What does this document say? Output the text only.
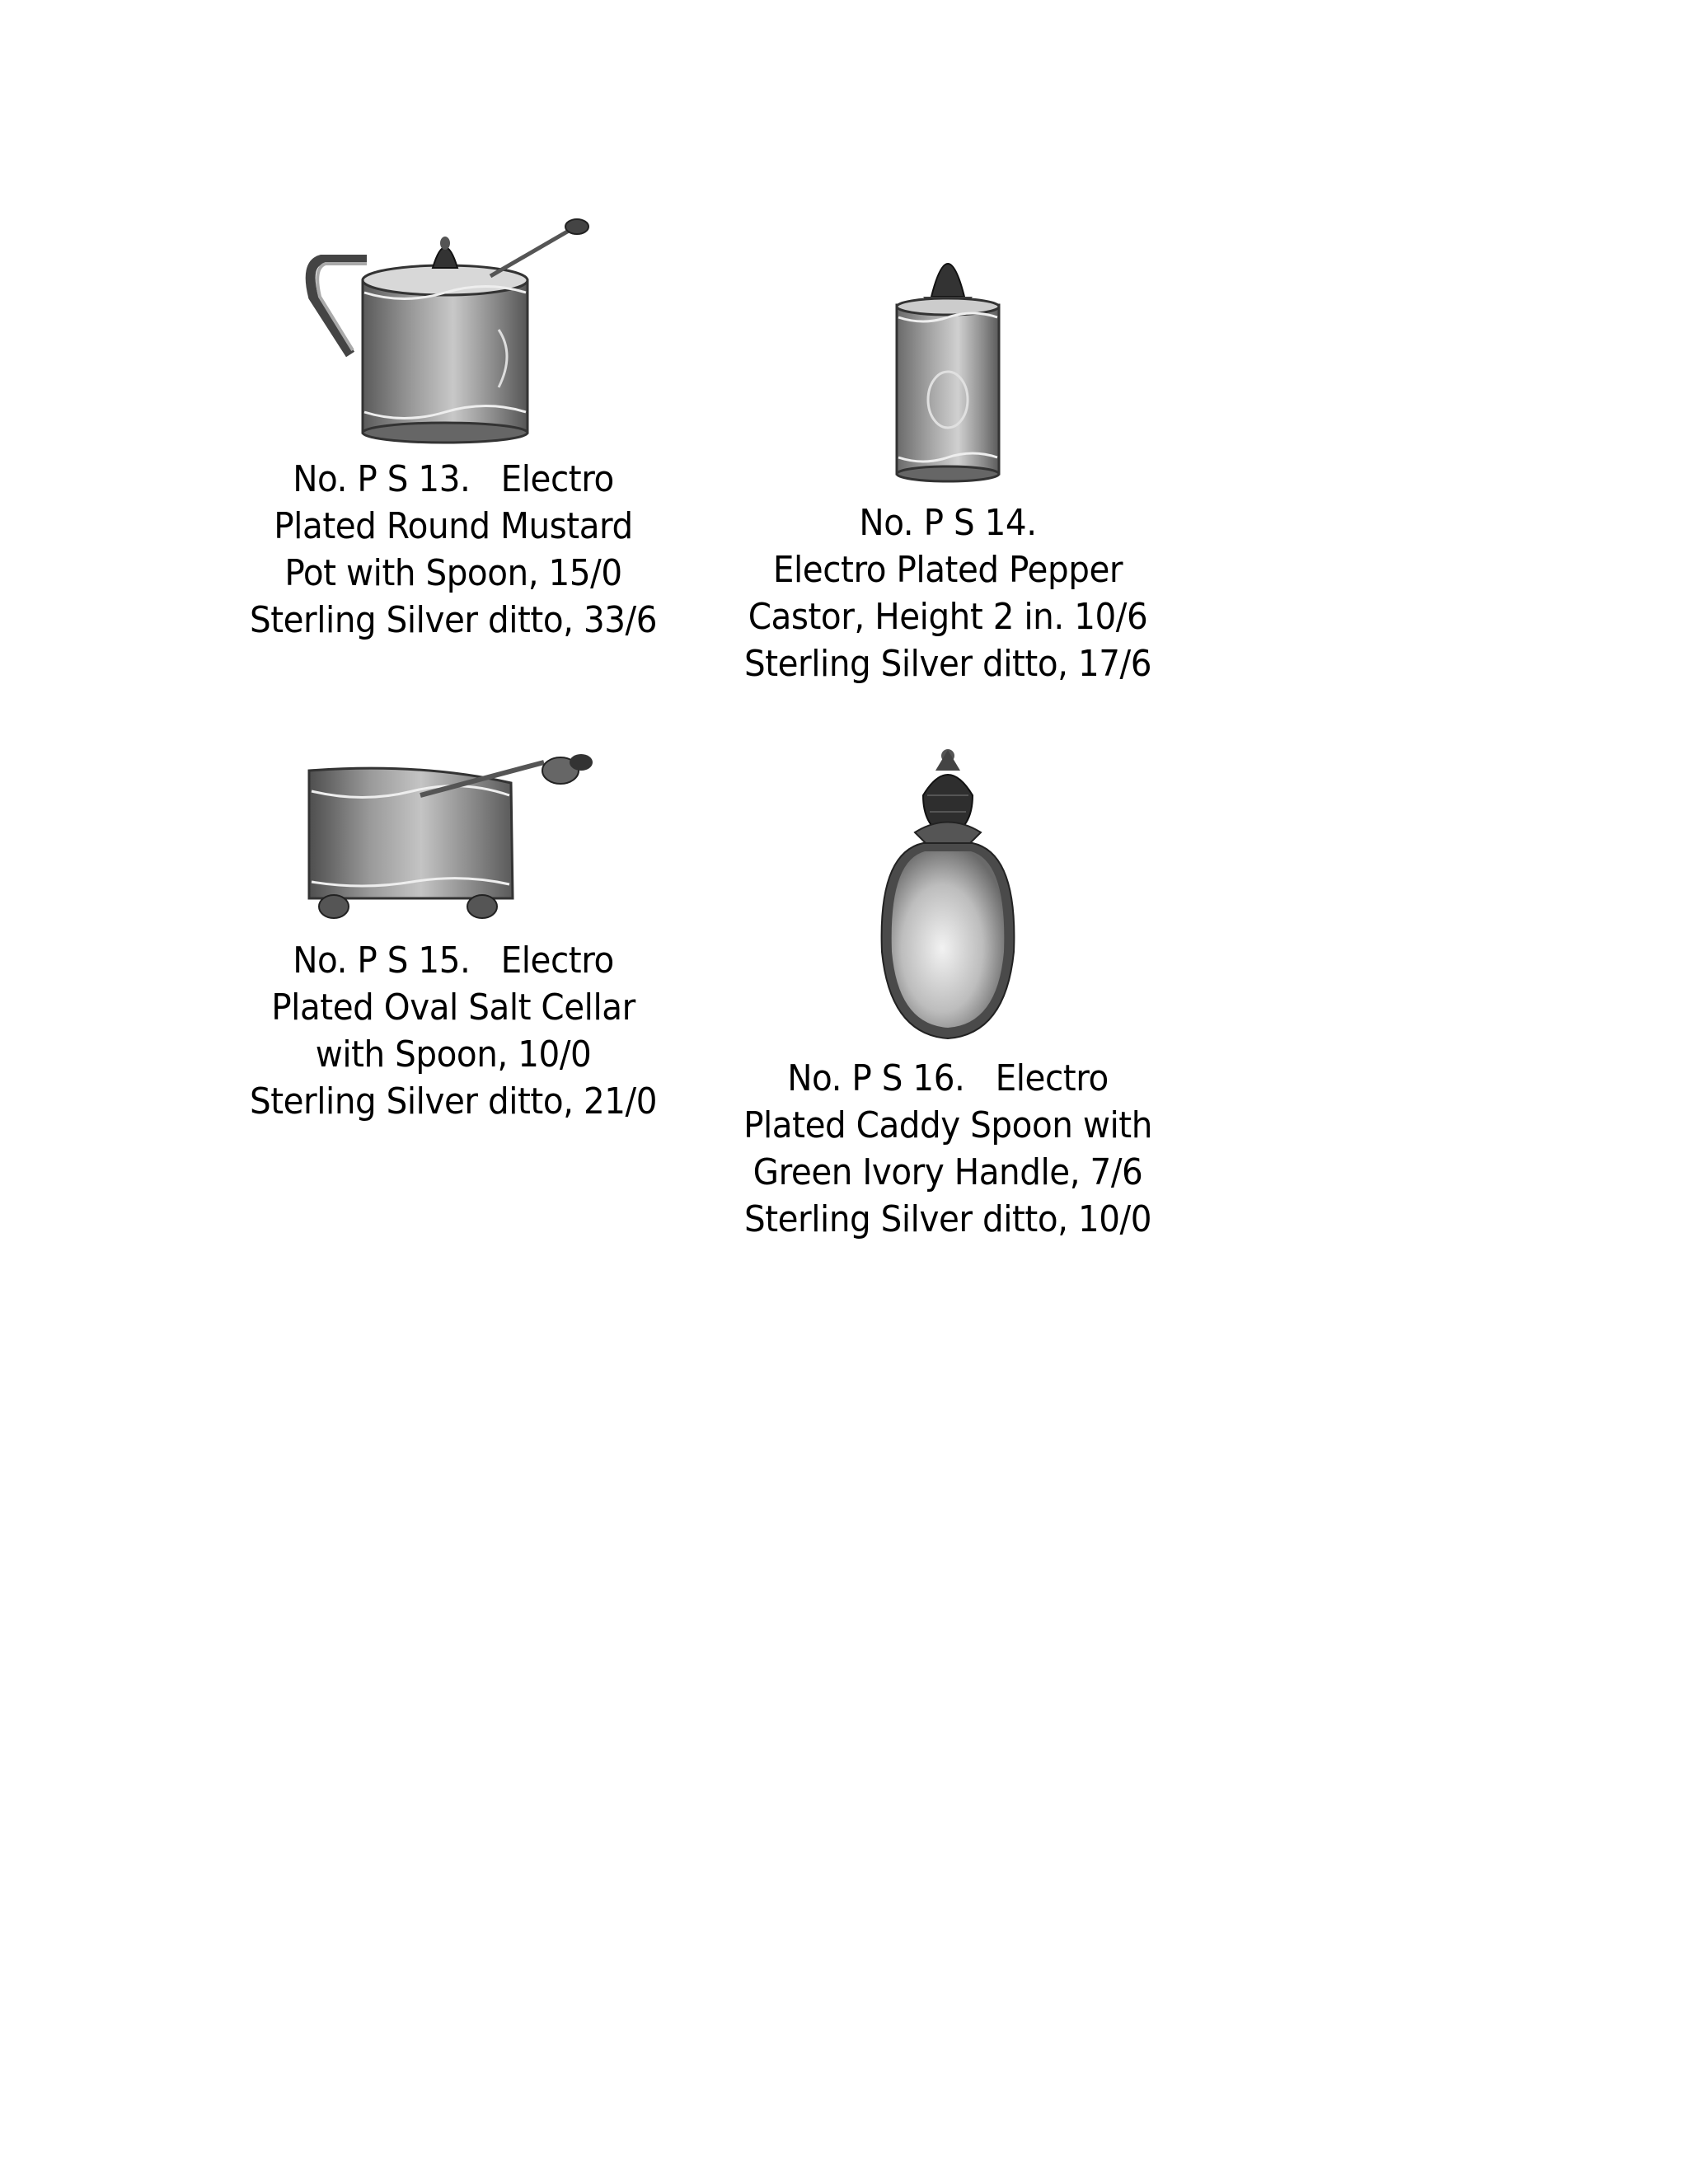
No. P S 13.   Electro
Plated Round Mustard
Pot with Spoon, 15/0
Sterling Silver ditto, 33/6
No. P S 14.
Electro Plated Pepper
Castor, Height 2 in. 10/6
Sterling Silver ditto, 17/6
No. P S 15.   Electro
Plated Oval Salt Cellar
with Spoon, 10/0
Sterling Silver ditto, 21/0
No. P S 16.   Electro
Plated Caddy Spoon with
Green Ivory Handle, 7/6
Sterling Silver ditto, 10/0
